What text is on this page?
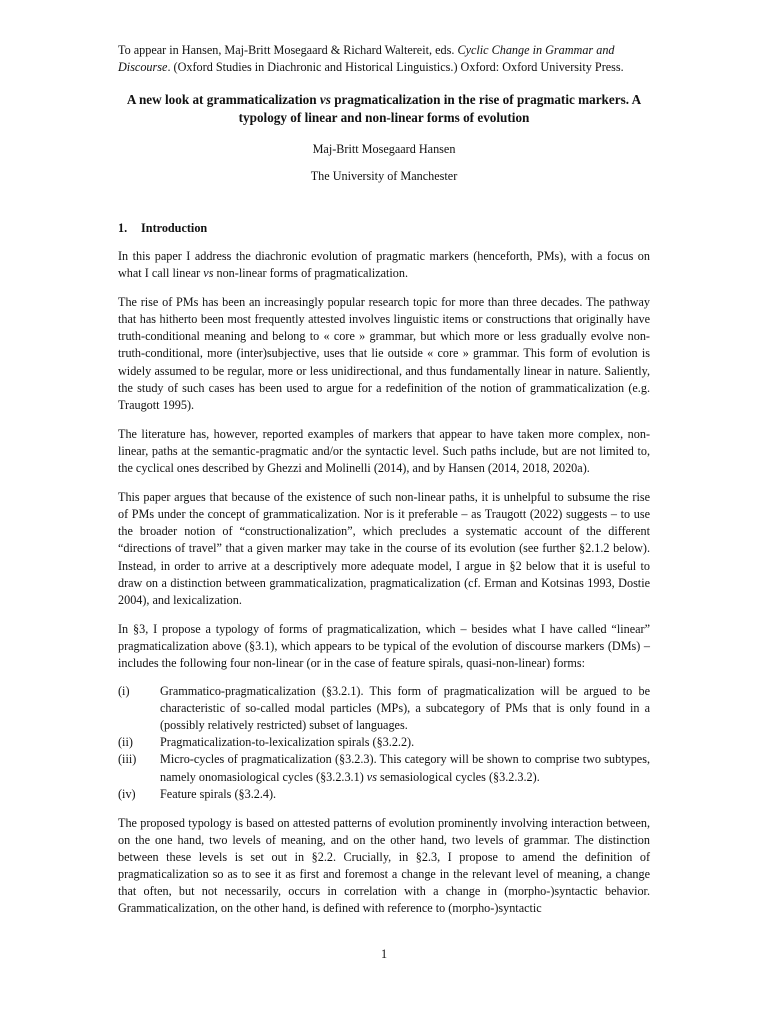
To appear in Hansen, Maj-Britt Mosegaard & Richard Waltereit, eds. Cyclic Change in Grammar and Discourse. (Oxford Studies in Diachronic and Historical Linguistics.) Oxford: Oxford University Press.
A new look at grammaticalization vs pragmaticalization in the rise of pragmatic markers. A typology of linear and non-linear forms of evolution
Maj-Britt Mosegaard Hansen
The University of Manchester
1. Introduction

In this paper I address the diachronic evolution of pragmatic markers (henceforth, PMs), with a focus on what I call linear vs non-linear forms of pragmaticalization.

The rise of PMs has been an increasingly popular research topic for more than three decades. The pathway that has hitherto been most frequently attested involves linguistic items or constructions that originally have truth-conditional meaning and belong to « core » grammar, but which more or less gradually evolve non-truth-conditional, more (inter)subjective, uses that lie outside « core » grammar. This form of evolution is widely assumed to be regular, more or less unidirectional, and thus fundamentally linear in nature. Saliently, the study of such cases has been used to argue for a redefinition of the notion of grammaticalization (e.g. Traugott 1995).

The literature has, however, reported examples of markers that appear to have taken more complex, non-linear, paths at the semantic-pragmatic and/or the syntactic level. Such paths include, but are not limited to, the cyclical ones described by Ghezzi and Molinelli (2014), and by Hansen (2014, 2018, 2020a).

This paper argues that because of the existence of such non-linear paths, it is unhelpful to subsume the rise of PMs under the concept of grammaticalization. Nor is it preferable – as Traugott (2022) suggests – to use the broader notion of “constructionalization”, which precludes a systematic account of the different “directions of travel” that a given marker may take in the course of its evolution (see further §2.1.2 below). Instead, in order to arrive at a descriptively more adequate model, I argue in §2 below that it is useful to draw on a distinction between grammaticalization, pragmaticalization (cf. Erman and Kotsinas 1993, Dostie 2004), and lexicalization.

In §3, I propose a typology of forms of pragmaticalization, which – besides what I have called “linear” pragmaticalization above (§3.1), which appears to be typical of the evolution of discourse markers (DMs) – includes the following four non-linear (or in the case of feature spirals, quasi-non-linear) forms:

(i)	Grammatico-pragmaticalization (§3.2.1). This form of pragmaticalization will be argued to be characteristic of so-called modal particles (MPs), a subcategory of PMs that is only found in a (possibly relatively restricted) subset of languages.
(ii)	Pragmaticalization-to-lexicalization spirals (§3.2.2).
(iii)	Micro-cycles of pragmaticalization (§3.2.3). This category will be shown to comprise two subtypes, namely onomasiological cycles (§3.2.3.1) vs semasiological cycles (§3.2.3.2).
(iv)	Feature spirals (§3.2.4).

The proposed typology is based on attested patterns of evolution prominently involving interaction between, on the one hand, two levels of meaning, and on the other hand, two levels of grammar. The distinction between these levels is set out in §2.2. Crucially, in §2.3, I propose to amend the definition of pragmaticalization so as to see it as first and foremost a change in the relevant level of meaning, a change that often, but not necessarily, occurs in correlation with a change in (morpho-)syntactic behavior. Grammaticalization, on the other hand, is defined with reference to (morpho-)syntactic

1
